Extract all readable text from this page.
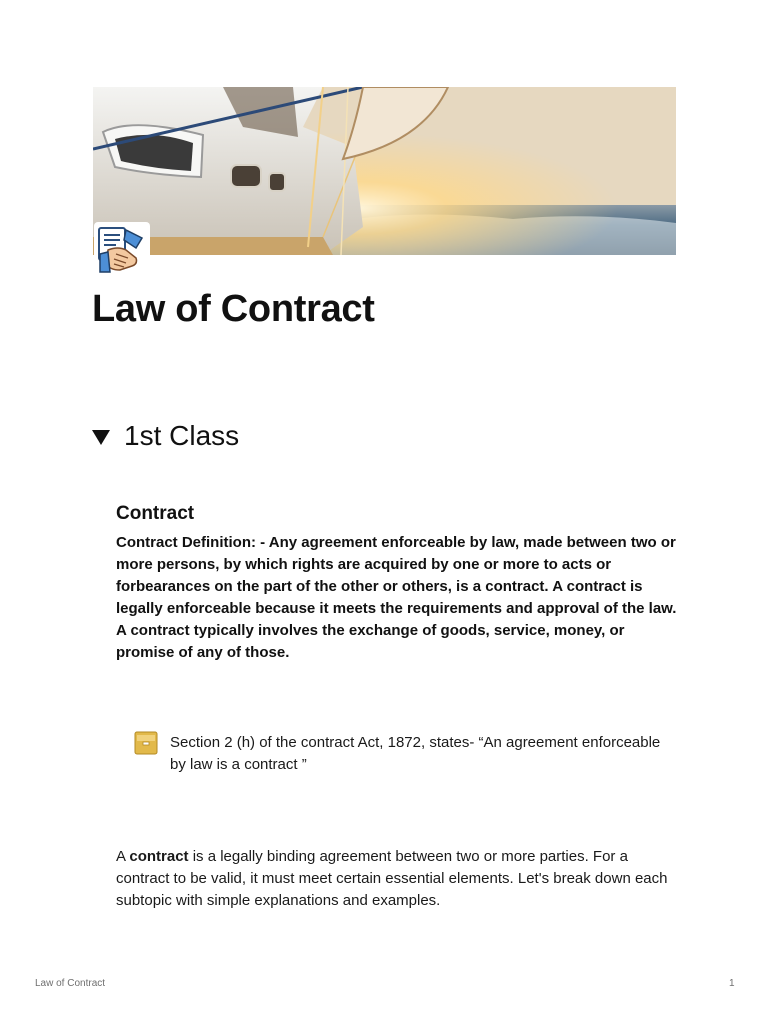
Law of Contract
1st Class
Contract

Contract Definition: - Any agreement enforceable by law, made between two or more persons, by which rights are acquired by one or more to acts or forbearances on the part of the other or others, is a contract. A contract is legally enforceable because it meets the requirements and approval of the law. A contract typically involves the exchange of goods, service, money, or promise of any of those.

Section 2 (h) of the contract Act, 1872, states- “An agreement enforceable by law is a contract ”

A contract is a legally binding agreement between two or more parties. For a contract to be valid, it must meet certain essential elements. Let's break down each subtopic with simple explanations and examples.

Law of Contract	1
